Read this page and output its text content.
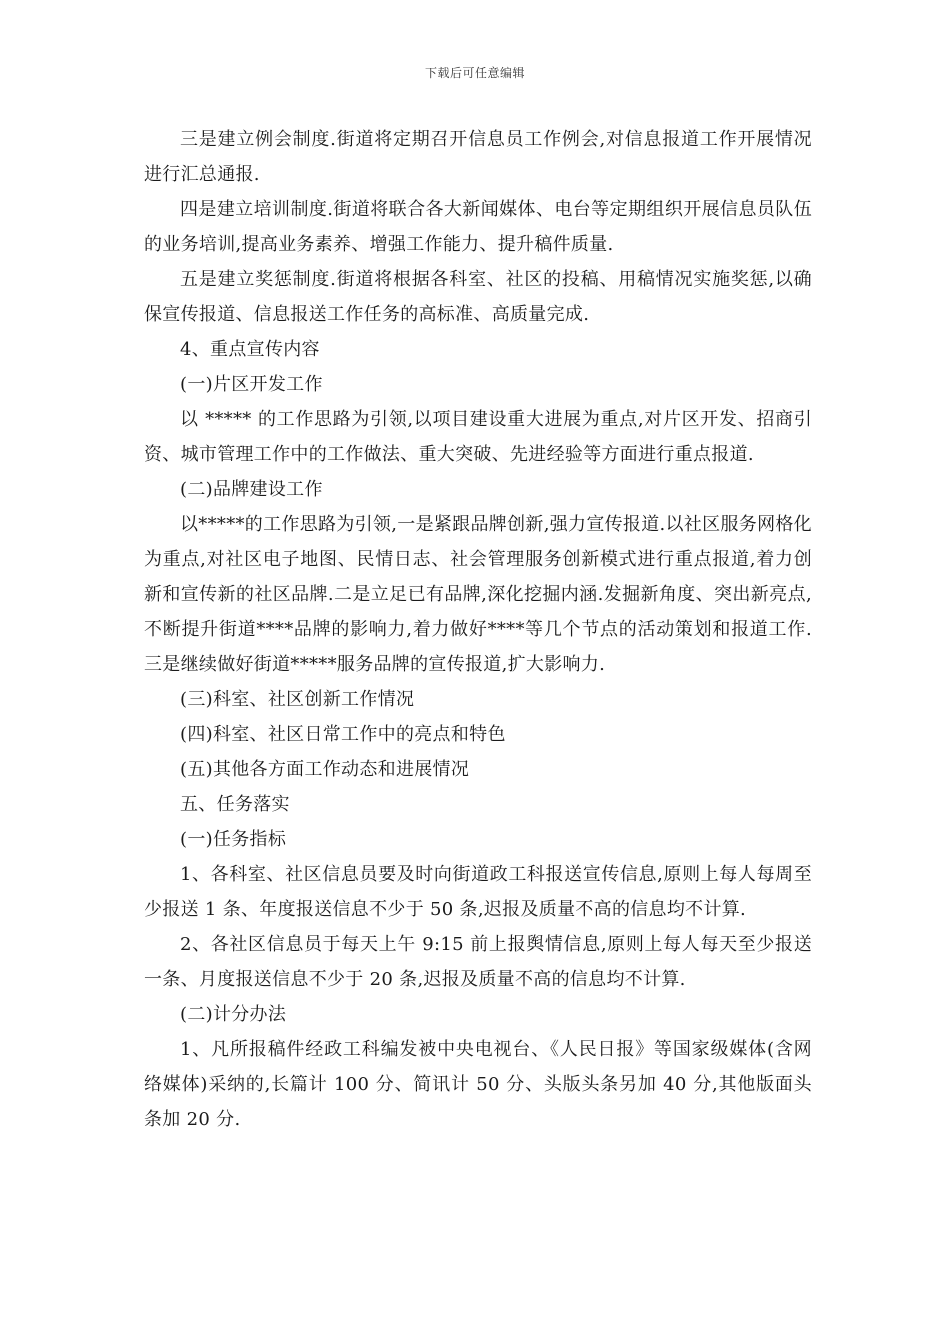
下载后可任意编辑

三是建立例会制度.街道将定期召开信息员工作例会,对信息报道工作开展情况进行汇总通报.

四是建立培训制度.街道将联合各大新闻媒体、电台等定期组织开展信息员队伍的业务培训,提高业务素养、增强工作能力、提升稿件质量.

五是建立奖惩制度.街道将根据各科室、社区的投稿、用稿情况实施奖惩,以确保宣传报道、信息报送工作任务的高标准、高质量完成.

4、重点宣传内容

(一)片区开发工作

以 ***** 的工作思路为引领,以项目建设重大进展为重点,对片区开发、招商引资、城市管理工作中的工作做法、重大突破、先进经验等方面进行重点报道.

(二)品牌建设工作

以*****的工作思路为引领,一是紧跟品牌创新,强力宣传报道.以社区服务网格化为重点,对社区电子地图、民情日志、社会管理服务创新模式进行重点报道,着力创新和宣传新的社区品牌.二是立足已有品牌,深化挖掘内涵.发掘新角度、突出新亮点,不断提升街道****品牌的影响力,着力做好****等几个节点的活动策划和报道工作.三是继续做好街道*****服务品牌的宣传报道,扩大影响力.

(三)科室、社区创新工作情况

(四)科室、社区日常工作中的亮点和特色

(五)其他各方面工作动态和进展情况

五、任务落实

(一)任务指标

1、各科室、社区信息员要及时向街道政工科报送宣传信息,原则上每人每周至少报送 1 条、年度报送信息不少于 50 条,迟报及质量不高的信息均不计算.

2、各社区信息员于每天上午 9:15 前上报舆情信息,原则上每人每天至少报送一条、月度报送信息不少于 20 条,迟报及质量不高的信息均不计算.

(二)计分办法

1、凡所报稿件经政工科编发被中央电视台、《人民日报》等国家级媒体(含网络媒体)采纳的,长篇计 100 分、简讯计 50 分、头版头条另加 40 分,其他版面头条加 20 分.
